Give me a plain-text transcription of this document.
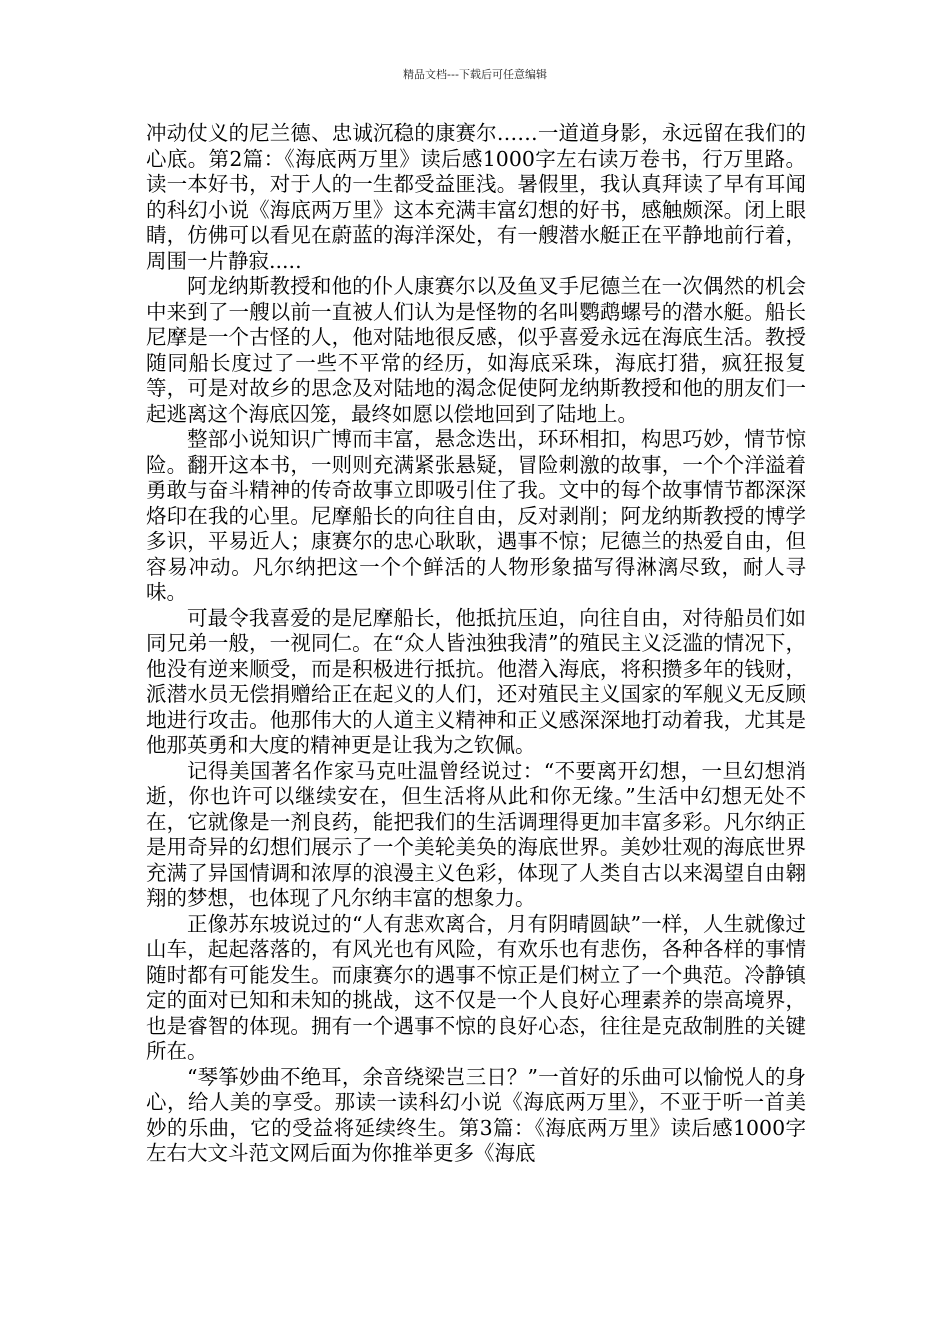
精品文档---下载后可任意编辑

冲动仗义的尼兰德、忠诚沉稳的康赛尔……一道道身影，永远留在我们的心底。第2篇：《海底两万里》读后感1000字左右读万卷书，行万里路。读一本好书，对于人的一生都受益匪浅。暑假里，我认真拜读了早有耳闻的科幻小说《海底两万里》这本充满丰富幻想的好书，感触颇深。闭上眼睛，仿佛可以看见在蔚蓝的海洋深处，有一艘潜水艇正在平静地前行着，周围一片静寂.....

阿龙纳斯教授和他的仆人康赛尔以及鱼叉手尼德兰在一次偶然的机会中来到了一艘以前一直被人们认为是怪物的名叫鹦鹉螺号的潜水艇。船长尼摩是一个古怪的人，他对陆地很反感，似乎喜爱永远在海底生活。教授随同船长度过了一些不平常的经历，如海底采珠，海底打猎，疯狂报复等，可是对故乡的思念及对陆地的渴念促使阿龙纳斯教授和他的朋友们一起逃离这个海底囚笼，最终如愿以偿地回到了陆地上。

整部小说知识广博而丰富，悬念迭出，环环相扣，构思巧妙，情节惊险。翻开这本书，一则则充满紧张悬疑，冒险刺激的故事，一个个洋溢着勇敢与奋斗精神的传奇故事立即吸引住了我。文中的每个故事情节都深深烙印在我的心里。尼摩船长的向往自由，反对剥削；阿龙纳斯教授的博学多识，平易近人；康赛尔的忠心耿耿，遇事不惊；尼德兰的热爱自由，但容易冲动。凡尔纳把这一个个鲜活的人物形象描写得淋漓尽致，耐人寻味。

可最令我喜爱的是尼摩船长，他抵抗压迫，向往自由，对待船员们如同兄弟一般，一视同仁。在“众人皆浊独我清”的殖民主义泛滥的情况下，他没有逆来顺受，而是积极进行抵抗。他潜入海底，将积攒多年的钱财，派潜水员无偿捐赠给正在起义的人们，还对殖民主义国家的军舰义无反顾地进行攻击。他那伟大的人道主义精神和正义感深深地打动着我，尤其是他那英勇和大度的精神更是让我为之钦佩。

记得美国著名作家马克吐温曾经说过：“不要离开幻想，一旦幻想消逝，你也许可以继续安在，但生活将从此和你无缘。”生活中幻想无处不在，它就像是一剂良药，能把我们的生活调理得更加丰富多彩。凡尔纳正是用奇异的幻想们展示了一个美轮美奂的海底世界。美妙壮观的海底世界充满了异国情调和浓厚的浪漫主义色彩，体现了人类自古以来渴望自由翱翔的梦想，也体现了凡尔纳丰富的想象力。

正像苏东坡说过的“人有悲欢离合，月有阴晴圆缺”一样，人生就像过山车，起起落落的，有风光也有风险，有欢乐也有悲伤，各种各样的事情随时都有可能发生。而康赛尔的遇事不惊正是们树立了一个典范。冷静镇定的面对已知和未知的挑战，这不仅是一个人良好心理素养的崇高境界，也是睿智的体现。拥有一个遇事不惊的良好心态，往往是克敌制胜的关键所在。

“琴筝妙曲不绝耳，余音绕梁岂三日？”一首好的乐曲可以愉悦人的身心，给人美的享受。那读一读科幻小说《海底两万里》，不亚于听一首美妙的乐曲，它的受益将延续终生。第3篇：《海底两万里》读后感1000字左右大文斗范文网后面为你推举更多《海底
